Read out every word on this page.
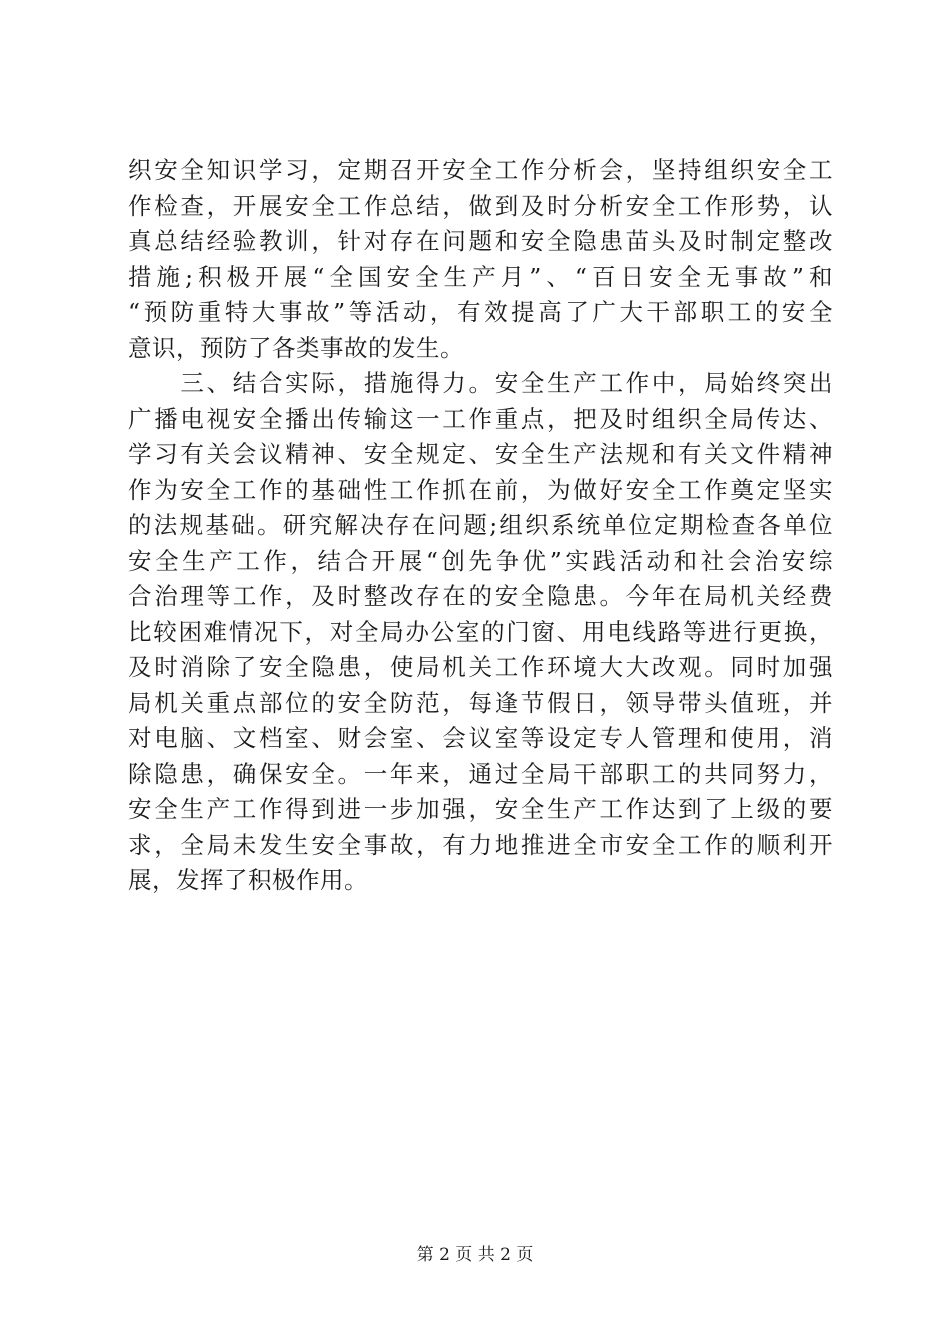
织安全知识学习，定期召开安全工作分析会，坚持组织安全工
作检查，开展安全工作总结，做到及时分析安全工作形势，认
真总结经验教训，针对存在问题和安全隐患苗头及时制定整改
措施;积极开展“全国安全生产月”、“百日安全无事故”和
“预防重特大事故”等活动，有效提高了广大干部职工的安全
意识，预防了各类事故的发生。
　　三、结合实际，措施得力。安全生产工作中，局始终突出
广播电视安全播出传输这一工作重点，把及时组织全局传达、
学习有关会议精神、安全规定、安全生产法规和有关文件精神
作为安全工作的基础性工作抓在前，为做好安全工作奠定坚实
的法规基础。研究解决存在问题;组织系统单位定期检查各单位
安全生产工作，结合开展“创先争优”实践活动和社会治安综
合治理等工作，及时整改存在的安全隐患。今年在局机关经费
比较困难情况下，对全局办公室的门窗、用电线路等进行更换，
及时消除了安全隐患，使局机关工作环境大大改观。同时加强
局机关重点部位的安全防范，每逢节假日，领导带头值班，并
对电脑、文档室、财会室、会议室等设定专人管理和使用，消
除隐患，确保安全。一年来，通过全局干部职工的共同努力，
安全生产工作得到进一步加强，安全生产工作达到了上级的要
求，全局未发生安全事故，有力地推进全市安全工作的顺利开
展，发挥了积极作用。
第 2 页 共 2 页
